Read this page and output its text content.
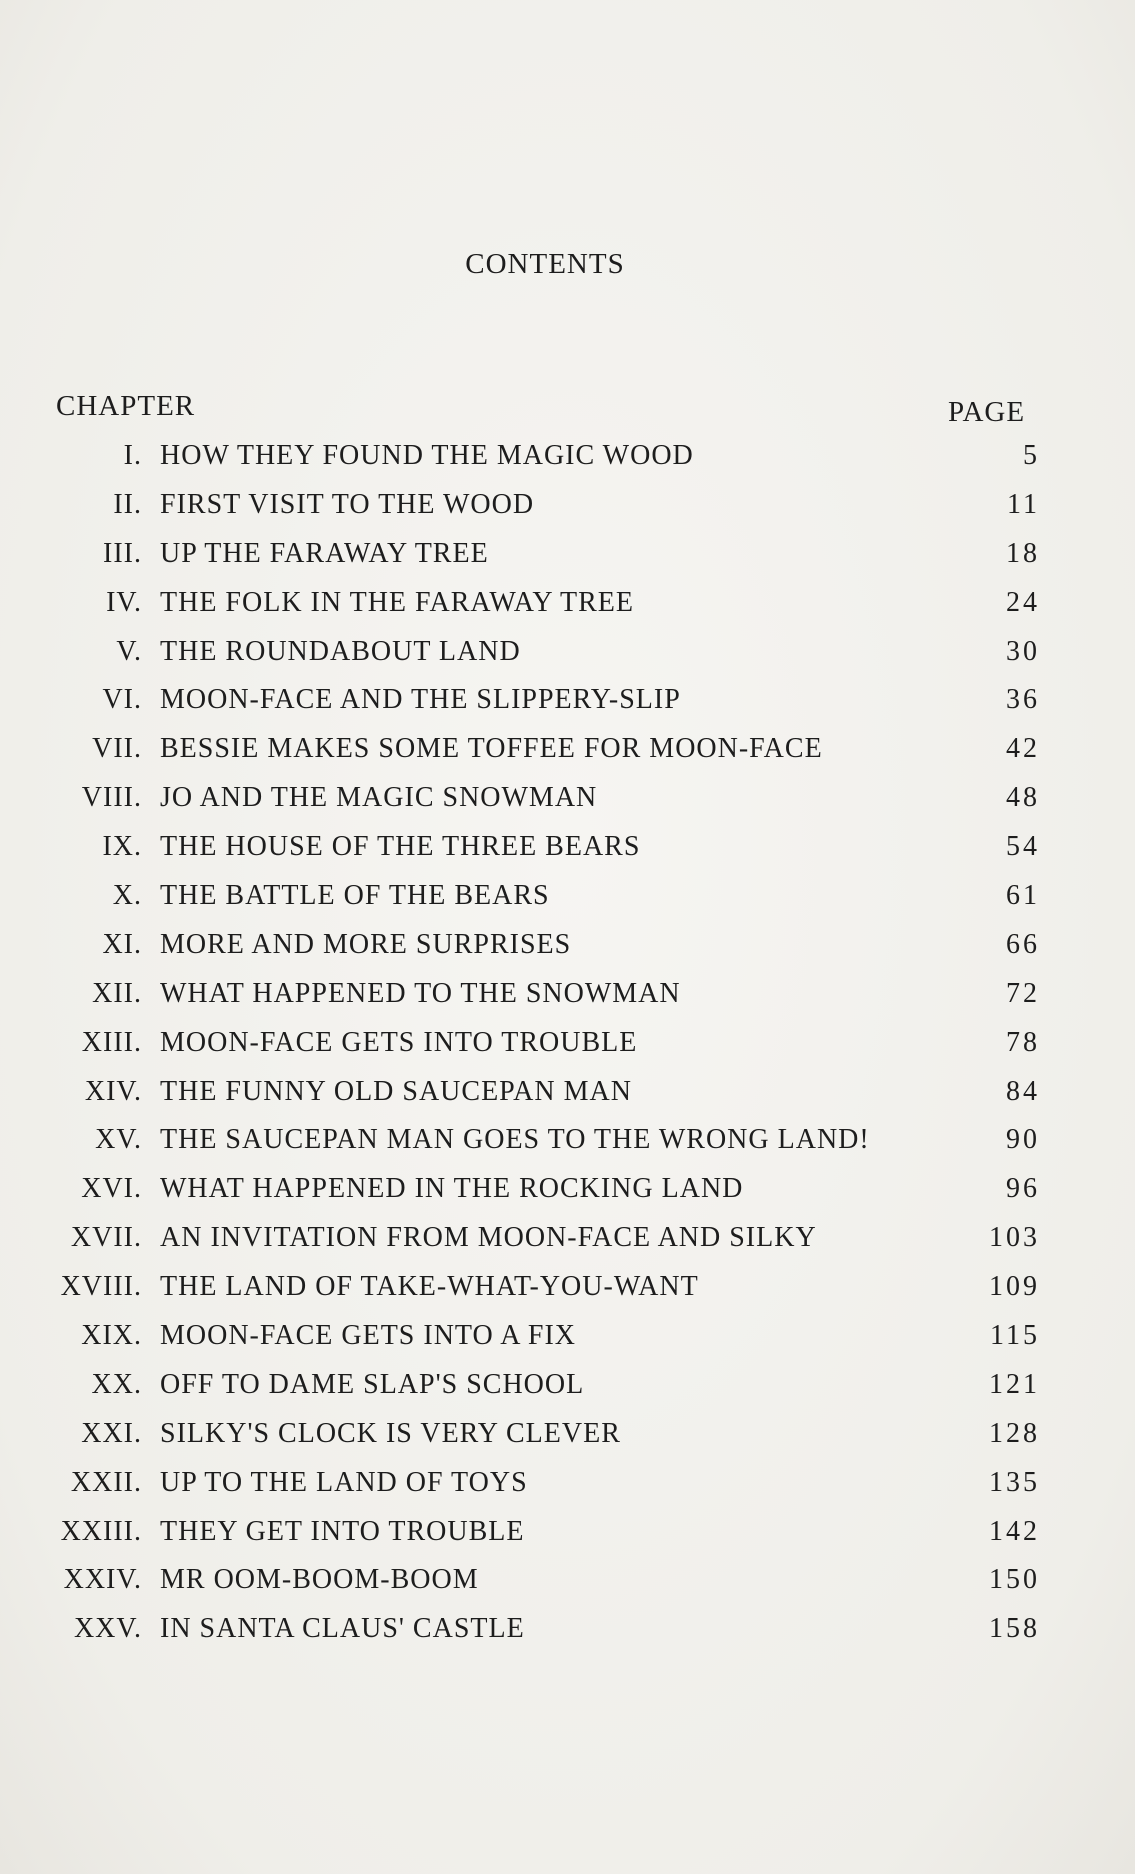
CONTENTS
CHAPTER	PAGE
I. HOW THEY FOUND THE MAGIC WOOD	5
II. FIRST VISIT TO THE WOOD	11
III. UP THE FARAWAY TREE	18
IV. THE FOLK IN THE FARAWAY TREE	24
V. THE ROUNDABOUT LAND	30
VI. MOON-FACE AND THE SLIPPERY-SLIP	36
VII. BESSIE MAKES SOME TOFFEE FOR MOON-FACE	42
VIII. JO AND THE MAGIC SNOWMAN	48
IX. THE HOUSE OF THE THREE BEARS	54
X. THE BATTLE OF THE BEARS	61
XI. MORE AND MORE SURPRISES	66
XII. WHAT HAPPENED TO THE SNOWMAN	72
XIII. MOON-FACE GETS INTO TROUBLE	78
XIV. THE FUNNY OLD SAUCEPAN MAN	84
XV. THE SAUCEPAN MAN GOES TO THE WRONG LAND!	90
XVI. WHAT HAPPENED IN THE ROCKING LAND	96
XVII. AN INVITATION FROM MOON-FACE AND SILKY	103
XVIII. THE LAND OF TAKE-WHAT-YOU-WANT	109
XIX. MOON-FACE GETS INTO A FIX	115
XX. OFF TO DAME SLAP'S SCHOOL	121
XXI. SILKY'S CLOCK IS VERY CLEVER	128
XXII. UP TO THE LAND OF TOYS	135
XXIII. THEY GET INTO TROUBLE	142
XXIV. MR OOM-BOOM-BOOM	150
XXV. IN SANTA CLAUS' CASTLE	158
